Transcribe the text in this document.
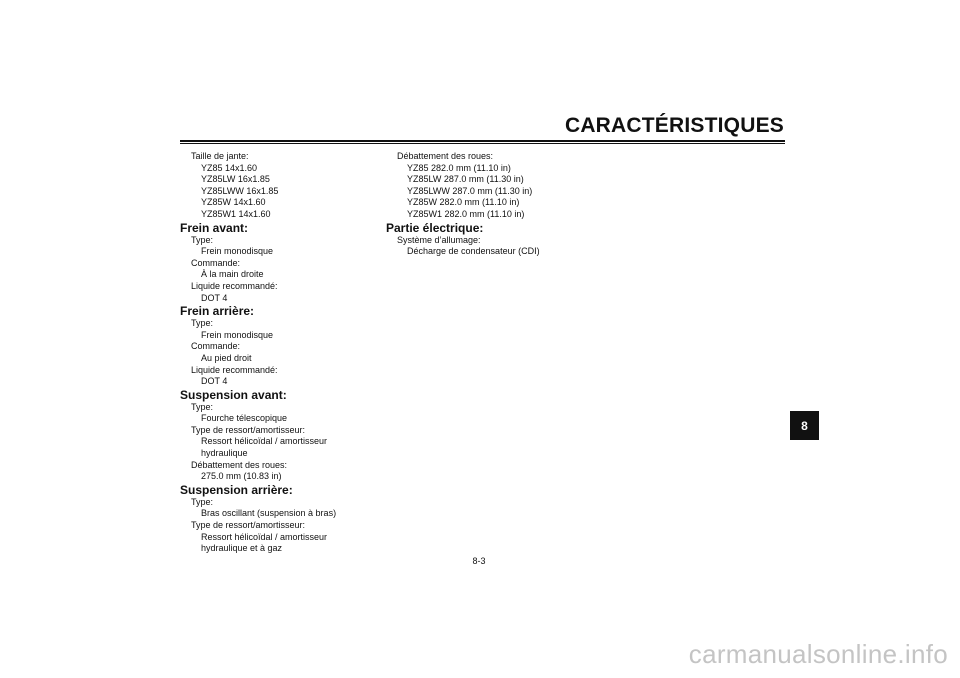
CARACTÉRISTIQUES
Taille de jante:
YZ85 14x1.60
YZ85LW 16x1.85
YZ85LWW 16x1.85
YZ85W 14x1.60
YZ85W1 14x1.60
Frein avant:
Type:
Frein monodisque
Commande:
À la main droite
Liquide recommandé:
DOT 4
Frein arrière:
Type:
Frein monodisque
Commande:
Au pied droit
Liquide recommandé:
DOT 4
Suspension avant:
Type:
Fourche télescopique
Type de ressort/amortisseur:
Ressort hélicoïdal / amortisseur
hydraulique
Débattement des roues:
275.0 mm (10.83 in)
Suspension arrière:
Type:
Bras oscillant (suspension à bras)
Type de ressort/amortisseur:
Ressort hélicoïdal / amortisseur
hydraulique et à gaz
Débattement des roues:
YZ85 282.0 mm (11.10 in)
YZ85LW 287.0 mm (11.30 in)
YZ85LWW 287.0 mm (11.30 in)
YZ85W 282.0 mm (11.10 in)
YZ85W1 282.0 mm (11.10 in)
Partie électrique:
Système d’allumage:
Décharge de condensateur (CDI)
8
8-3
carmanualsonline.info
